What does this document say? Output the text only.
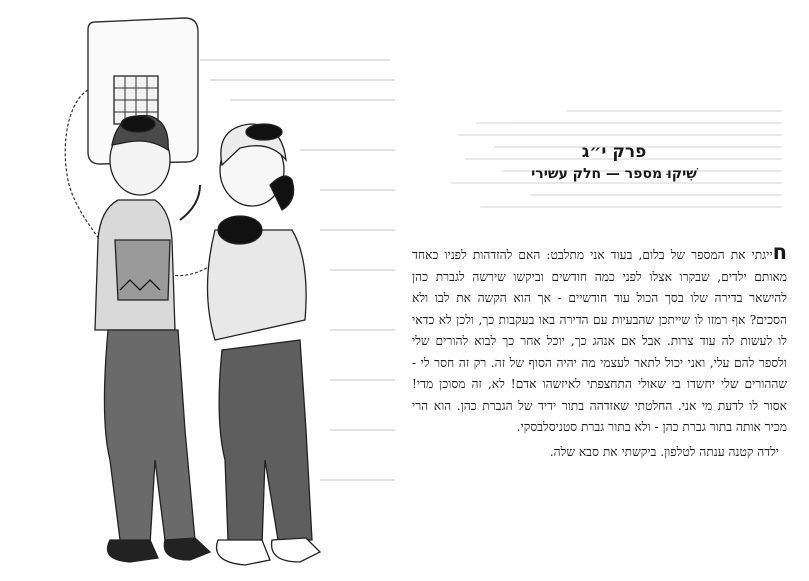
פרק י״ג
שִׁיקוּ מספר — חלק עשירי

חייגתי את המספר של בלום, בעוד אני מתלבט: האם להזדהות לפניו כאחד מאותם ילדים, שבקרו אצלו לפני כמה חודשים וביקשו שירשה לגברת כהן להישאר בדירה שלו בסך הכול עוד חודשיים - אך הוא הקשה את לבו ולא הסכים? אף רמזו לו שייתכן שהבעיות עם הדירה באו בעקבות כך, ולכן לא כדאי לו לעשות לה עוד צרות. אבל אם אנהג כך, יוכל אחר כך לבוא להורים שלי ולספר להם עלי, ואני יכול לתאר לעצמי מה יהיה הסוף של זה. רק זה חסר לי - שההורים שלי יחשדו בי שאולי התחצפתי לאיזשהו אדם! לא, זה מסוכן מדי! אסור לו לדעת מי אני. החלטתי שאזדהה בתור ידיד של הגברת כהן. הוא הרי מכיר אותה בתור גברת כהן - ולא בתור גברת סטניסלבסקי.

ילדה קטנה ענתה לטלפון. ביקשתי את סבא שלה.
